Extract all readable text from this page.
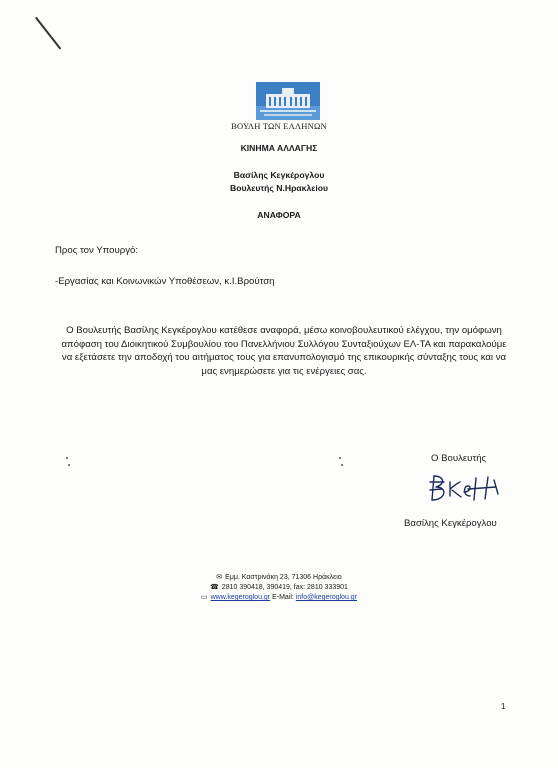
ΒΟΥΛΗ ΤΩΝ ΕΛΛΗΝΩΝ
ΚΙΝΗΜΑ ΑΛΛΑΓΗΣ
Βασίλης Κεγκέρογλου
Βουλευτής Ν.Ηρακλείου
ΑΝΑΦΟΡΑ
Προς τον Υπουργό:
-Εργασίας και Κοινωνικών Υποθέσεων, κ.Ι.Βρούτση
Ο Βουλευτής Βασίλης Κεγκέρογλου κατέθεσε αναφορά, μέσω κοινοβουλευτικού ελέγχου, την ομόφωνη απόφαση του Διοικητικού Συμβουλίου του Πανελλήνιου Συλλόγου Συνταξιούχων ΕΛ-ΤΑ και παρακαλούμε να εξετάσετε την αποδοχή του αιτήματος τους για επανυπολογισμό της επικουρικής σύνταξης τους και να μας ενημερώσετε για τις ενέργειες σας.
Ο Βουλευτής
Βασίλης Κεγκέρογλου
✉ Εμμ. Καστρινάκη 23, 71306 Ηράκλειο
☎ 2810 390418, 390419, fax: 2810 333901
▭ www.kegeroglou.gr E-Mail: info@kegeroglou.gr
1
